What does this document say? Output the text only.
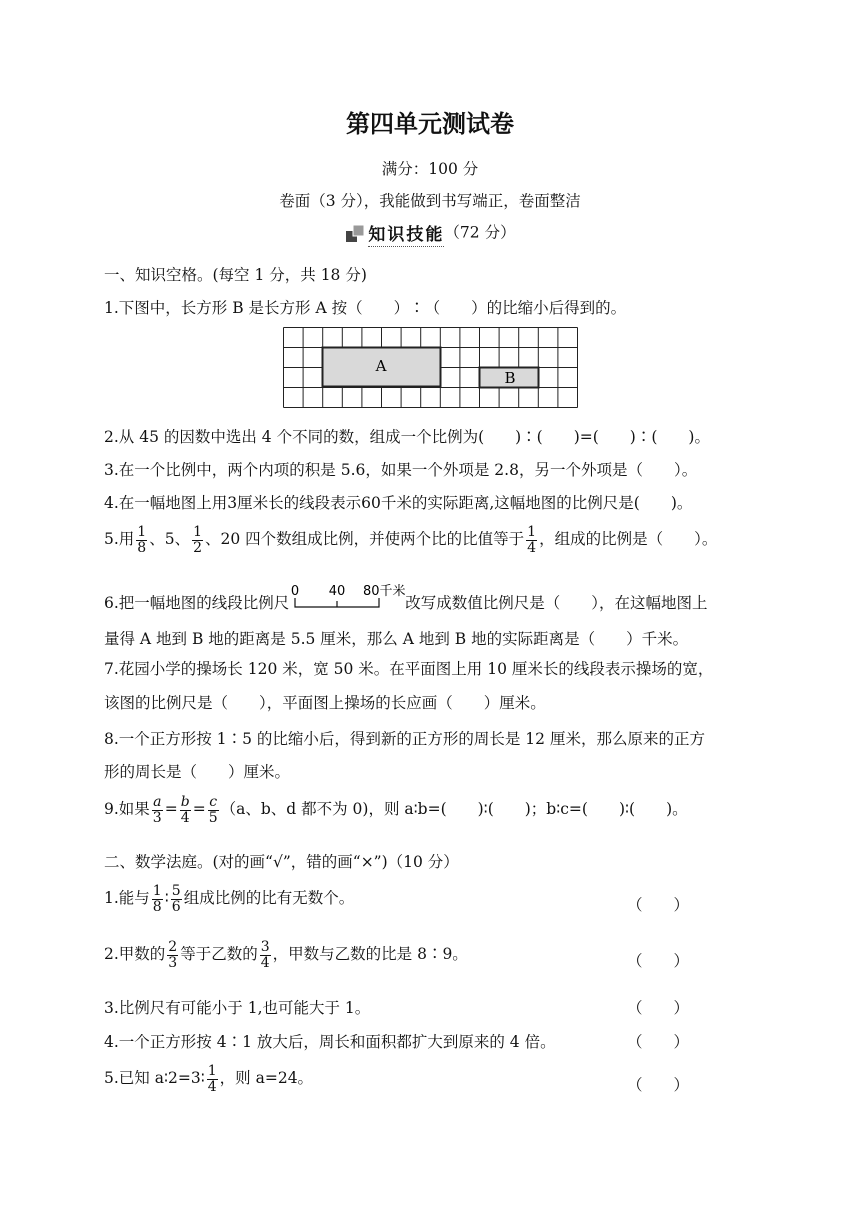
第四单元测试卷
满分：100 分
卷面（3 分），我能做到书写端正，卷面整洁
知识技能 （72 分）
一、知识空格。(每空 1 分，共 18 分)
1.下图中，长方形 B 是长方形 A 按（　　）∶（　　）的比缩小后得到的。
A
B
2.从 45 的因数中选出 4 个不同的数，组成一个比例为(　　)∶(　　)=(　　)∶(　　)。
3.在一个比例中，两个内项的积是 5.6，如果一个外项是 2.8，另一个外项是（　　）。
4.在一幅地图上用3厘米长的线段表示60千米的实际距离,这幅地图的比例尺是(　　)。
5.用 $\frac{1}{8}$ 、5、 $\frac{1}{2}$ 、20 四个数组成比例，并使两个比的比值等于 $\frac{1}{4}$ ，组成的比例是（　　）。
6.把一幅地图的线段比例尺
0 40 80千米
改写成数值比例尺是（　　），在这幅地图上
量得 A 地到 B 地的距离是 5.5 厘米，那么 A 地到 B 地的实际距离是（　　）千米。
7.花园小学的操场长 120 米，宽 50 米。在平面图上用 10 厘米长的线段表示操场的宽，
该图的比例尺是（　　），平面图上操场的长应画（　　）厘米。
8.一个正方形按 1∶5 的比缩小后，得到新的正方形的周长是 12 厘米，那么原来的正方
形的周长是（　　）厘米。
9.如果 $\frac{a}{3} = \frac{b}{4} = \frac{c}{5} (a$、b、d 都不为 0)，则 a∶b=(　　)∶(　　)；b∶c=(　　)∶(　　)。
二、数学法庭。(对的画“√”，错的画“×”)（10 分）
1.能与 $\frac{1}{8}$ ∶ $\frac{5}{6}$ 组成比例的比有无数个。	（　　）
2.甲数的 $\frac{2}{3}$ 等于乙数的 $\frac{3}{4}$ ，甲数与乙数的比是 8∶9。	（　　）
3.比例尺有可能小于 1,也可能大于 1。	（　　）
4.一个正方形按 4∶1 放大后，周长和面积都扩大到原来的 4 倍。	（　　）
5.已知 a∶2=3∶ $\frac{1}{4}$ ，则 a=24。	（　　）
